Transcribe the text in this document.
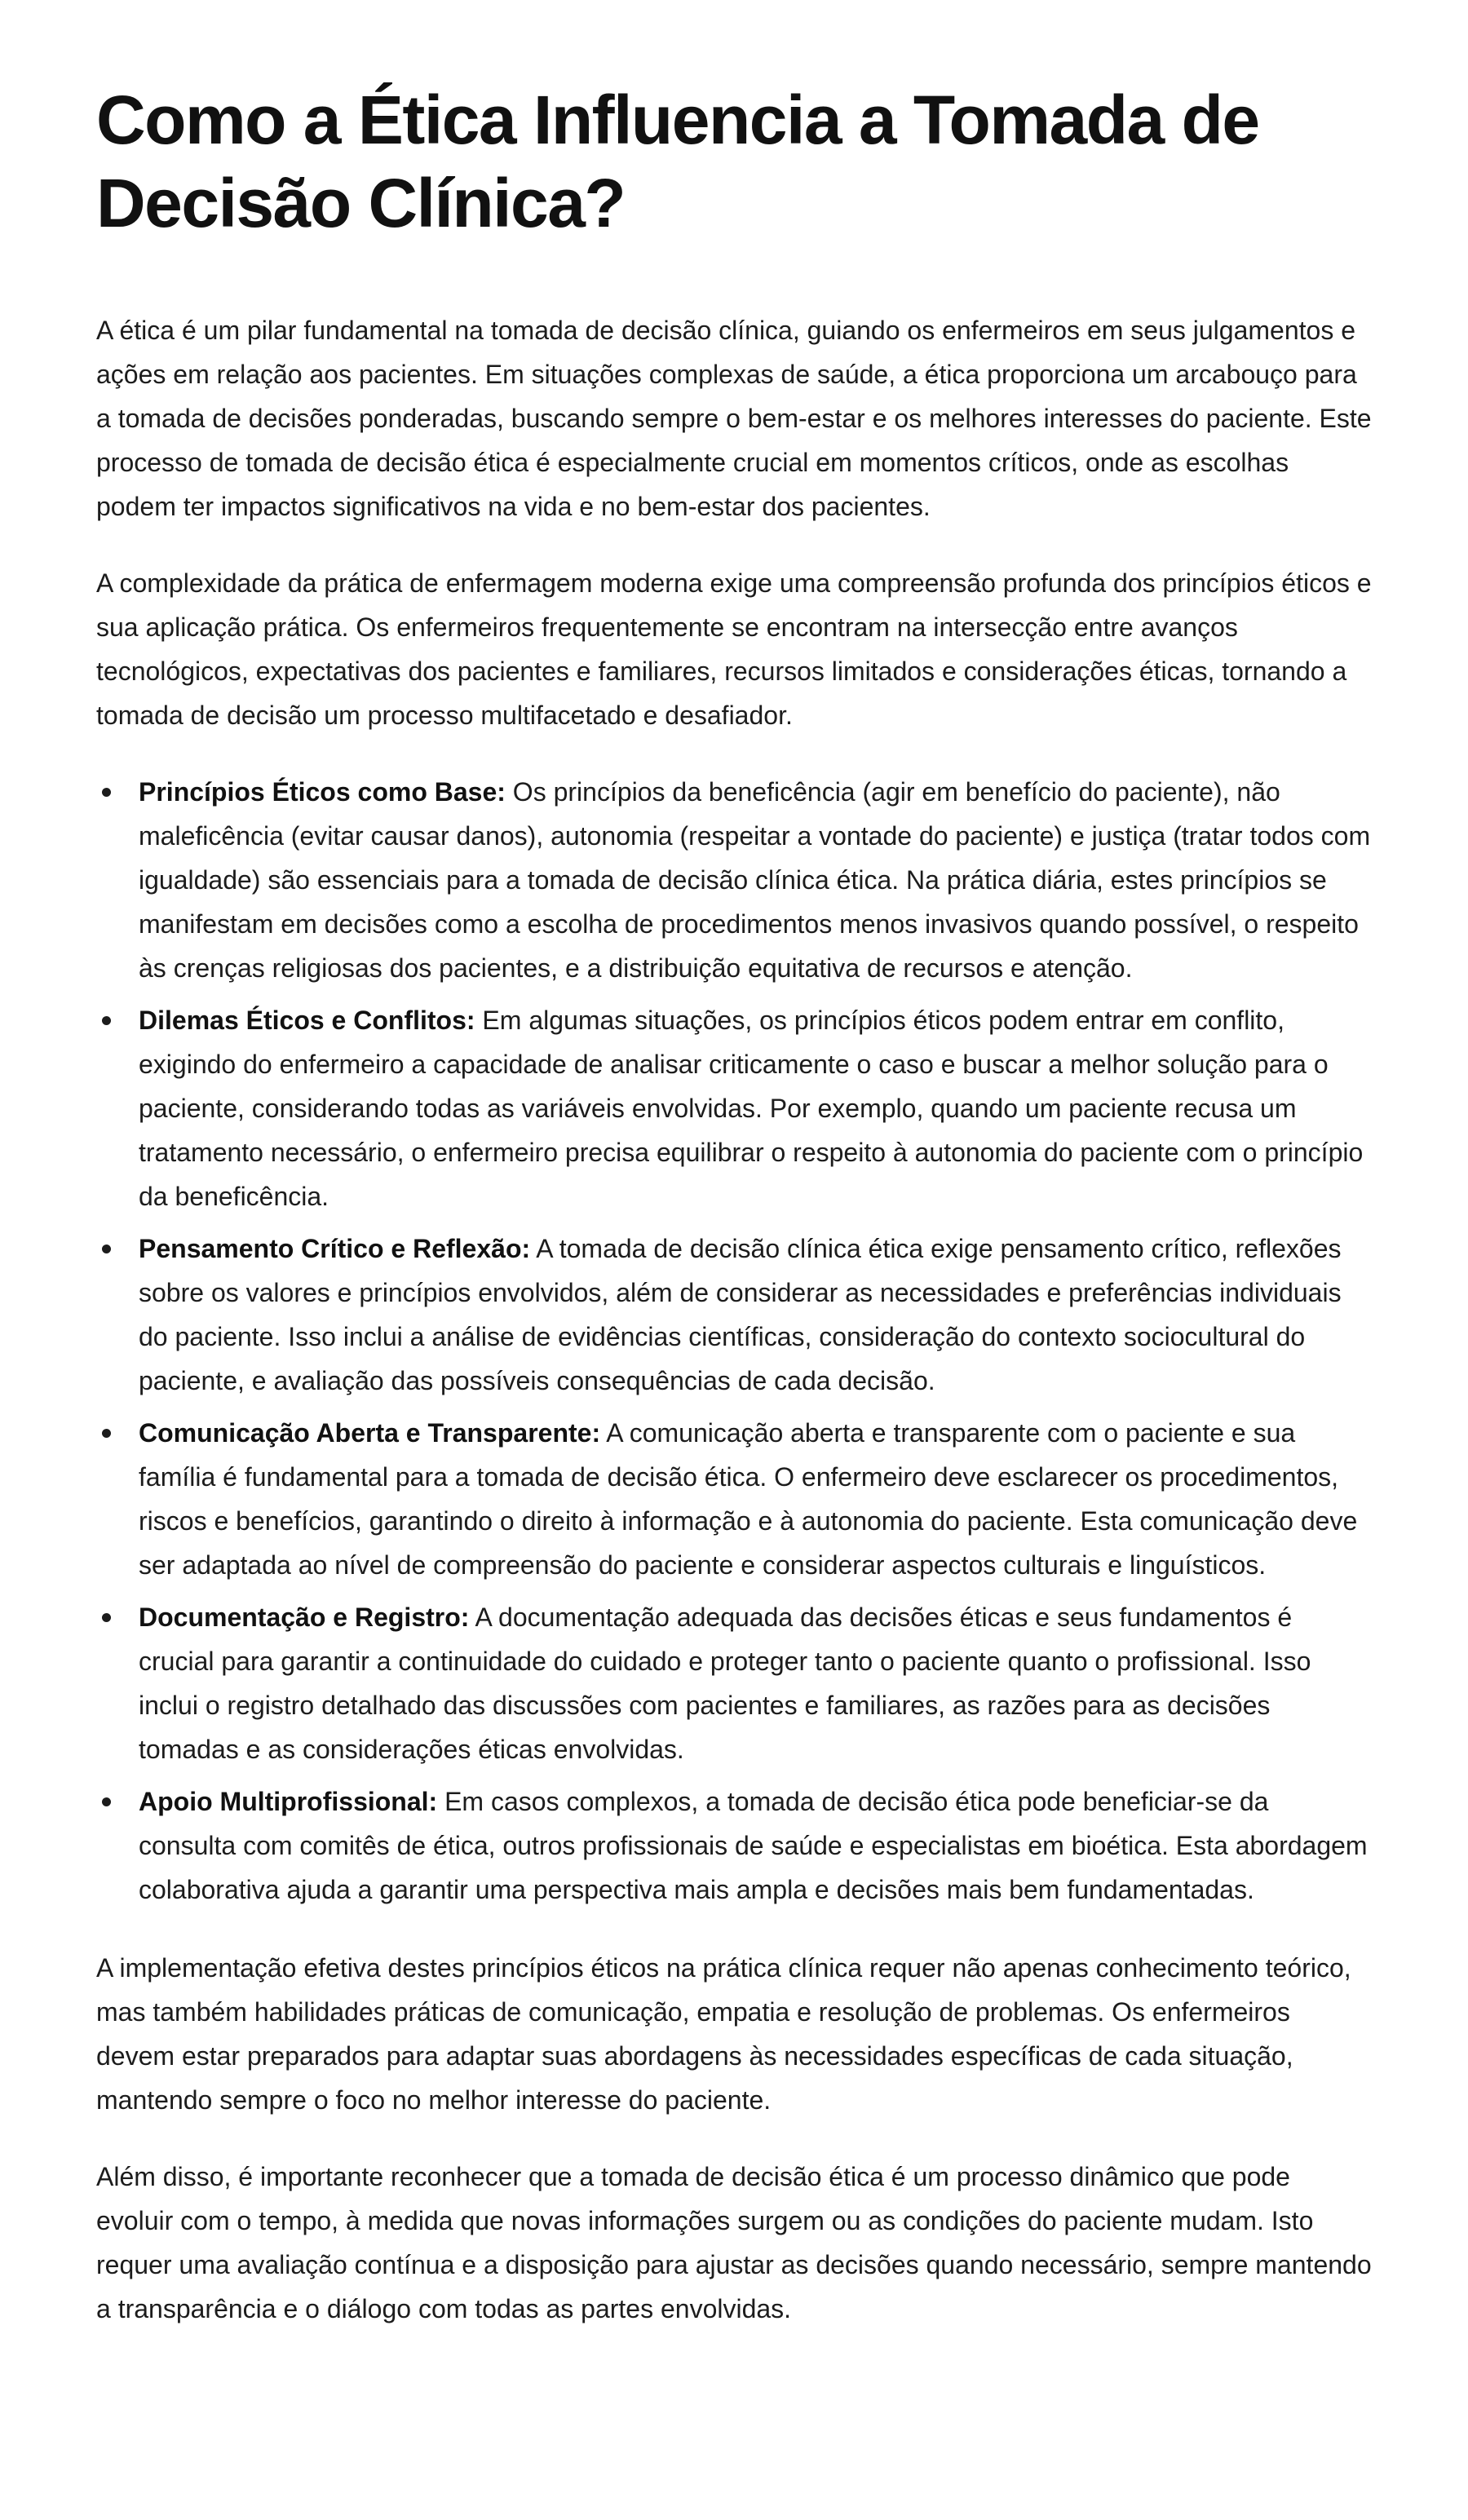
Como a Ética Influencia a Tomada de Decisão Clínica?

A ética é um pilar fundamental na tomada de decisão clínica, guiando os enfermeiros em seus julgamentos e ações em relação aos pacientes. Em situações complexas de saúde, a ética proporciona um arcabouço para a tomada de decisões ponderadas, buscando sempre o bem-estar e os melhores interesses do paciente. Este processo de tomada de decisão ética é especialmente crucial em momentos críticos, onde as escolhas podem ter impactos significativos na vida e no bem-estar dos pacientes.

A complexidade da prática de enfermagem moderna exige uma compreensão profunda dos princípios éticos e sua aplicação prática. Os enfermeiros frequentemente se encontram na intersecção entre avanços tecnológicos, expectativas dos pacientes e familiares, recursos limitados e considerações éticas, tornando a tomada de decisão um processo multifacetado e desafiador.

Princípios Éticos como Base: Os princípios da beneficência (agir em benefício do paciente), não maleficência (evitar causar danos), autonomia (respeitar a vontade do paciente) e justiça (tratar todos com igualdade) são essenciais para a tomada de decisão clínica ética. Na prática diária, estes princípios se manifestam em decisões como a escolha de procedimentos menos invasivos quando possível, o respeito às crenças religiosas dos pacientes, e a distribuição equitativa de recursos e atenção.
Dilemas Éticos e Conflitos: Em algumas situações, os princípios éticos podem entrar em conflito, exigindo do enfermeiro a capacidade de analisar criticamente o caso e buscar a melhor solução para o paciente, considerando todas as variáveis envolvidas. Por exemplo, quando um paciente recusa um tratamento necessário, o enfermeiro precisa equilibrar o respeito à autonomia do paciente com o princípio da beneficência.
Pensamento Crítico e Reflexão: A tomada de decisão clínica ética exige pensamento crítico, reflexões sobre os valores e princípios envolvidos, além de considerar as necessidades e preferências individuais do paciente. Isso inclui a análise de evidências científicas, consideração do contexto sociocultural do paciente, e avaliação das possíveis consequências de cada decisão.
Comunicação Aberta e Transparente: A comunicação aberta e transparente com o paciente e sua família é fundamental para a tomada de decisão ética. O enfermeiro deve esclarecer os procedimentos, riscos e benefícios, garantindo o direito à informação e à autonomia do paciente. Esta comunicação deve ser adaptada ao nível de compreensão do paciente e considerar aspectos culturais e linguísticos.
Documentação e Registro: A documentação adequada das decisões éticas e seus fundamentos é crucial para garantir a continuidade do cuidado e proteger tanto o paciente quanto o profissional. Isso inclui o registro detalhado das discussões com pacientes e familiares, as razões para as decisões tomadas e as considerações éticas envolvidas.
Apoio Multiprofissional: Em casos complexos, a tomada de decisão ética pode beneficiar-se da consulta com comitês de ética, outros profissionais de saúde e especialistas em bioética. Esta abordagem colaborativa ajuda a garantir uma perspectiva mais ampla e decisões mais bem fundamentadas.

A implementação efetiva destes princípios éticos na prática clínica requer não apenas conhecimento teórico, mas também habilidades práticas de comunicação, empatia e resolução de problemas. Os enfermeiros devem estar preparados para adaptar suas abordagens às necessidades específicas de cada situação, mantendo sempre o foco no melhor interesse do paciente.

Além disso, é importante reconhecer que a tomada de decisão ética é um processo dinâmico que pode evoluir com o tempo, à medida que novas informações surgem ou as condições do paciente mudam. Isto requer uma avaliação contínua e a disposição para ajustar as decisões quando necessário, sempre mantendo a transparência e o diálogo com todas as partes envolvidas.
